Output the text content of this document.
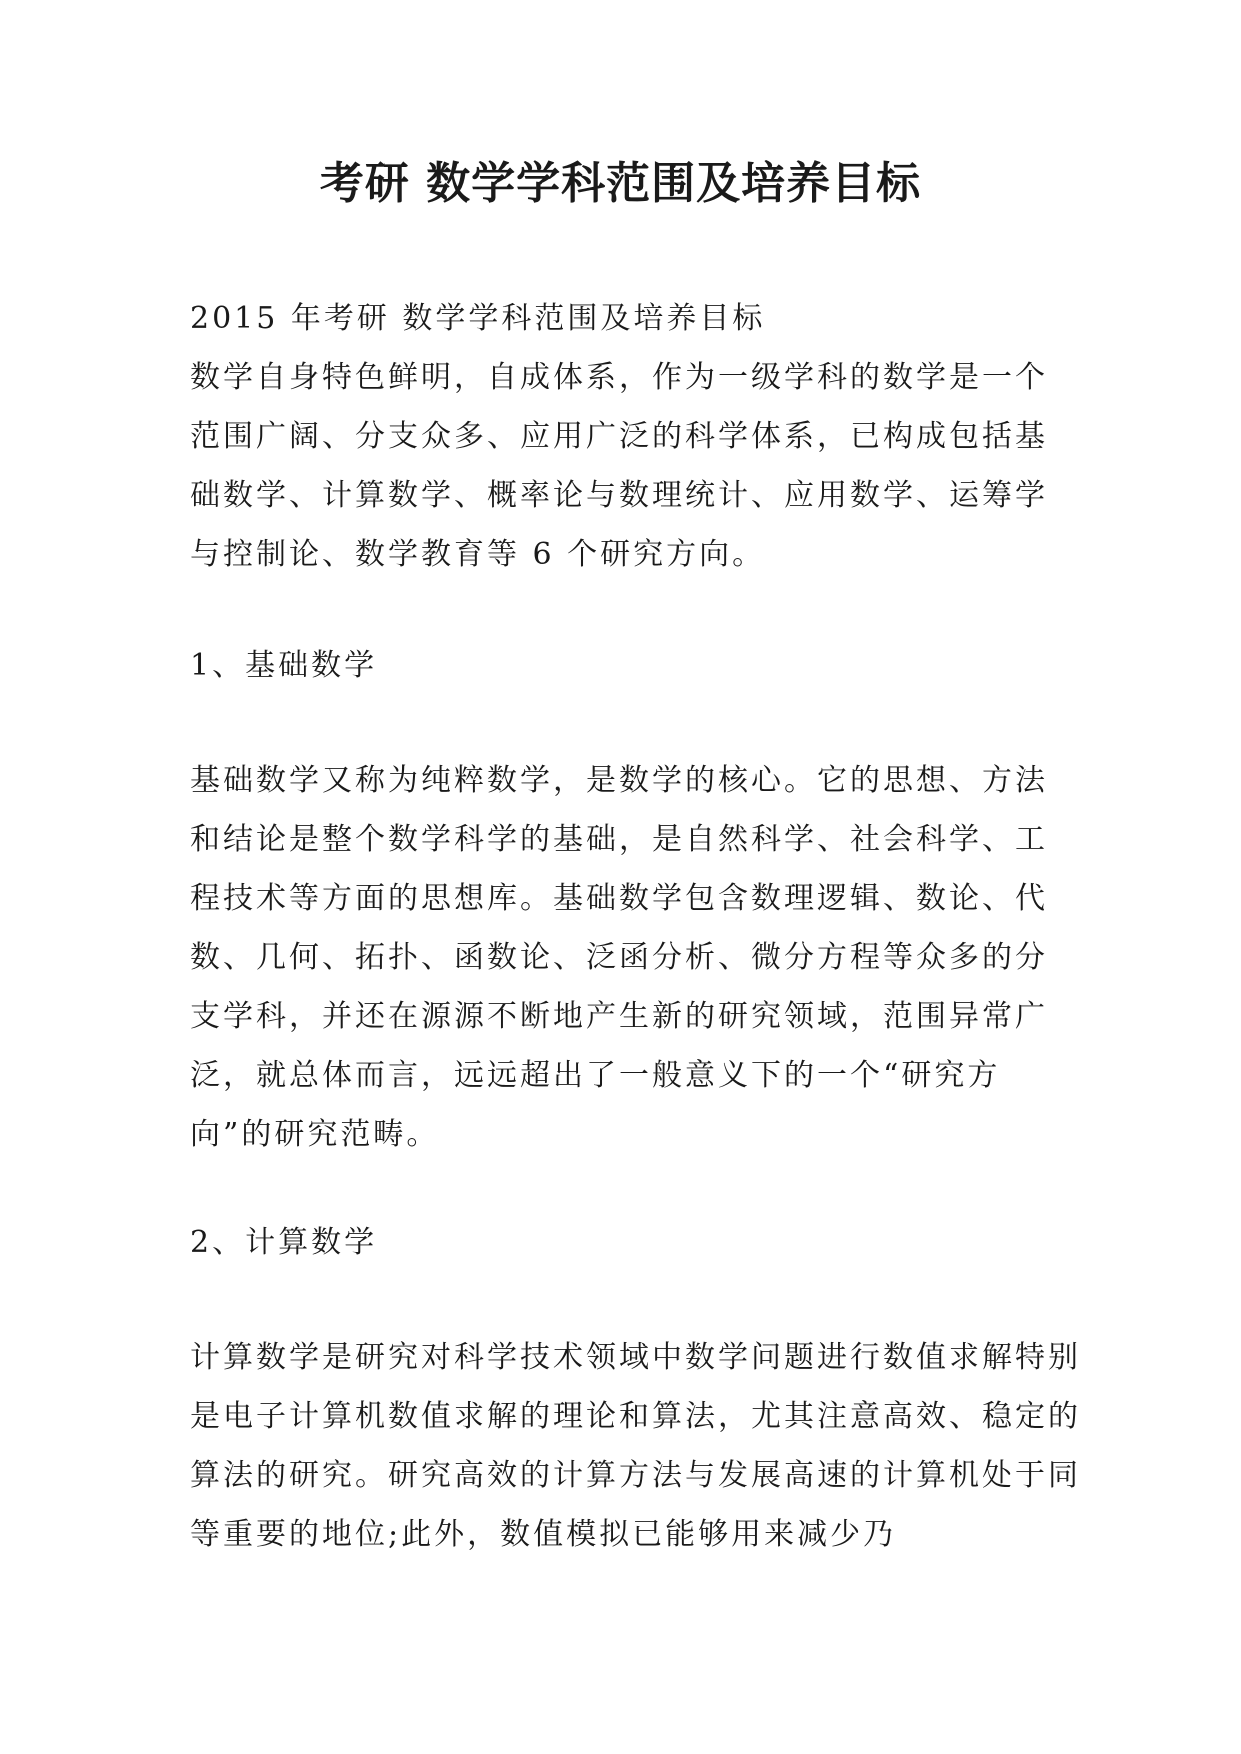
考研 数学学科范围及培养目标

2015 年考研 数学学科范围及培养目标

数学自身特色鲜明，自成体系，作为一级学科的数学是一个范围广阔、分支众多、应用广泛的科学体系，已构成包括基础数学、计算数学、概率论与数理统计、应用数学、运筹学与控制论、数学教育等 6 个研究方向。

1、基础数学

基础数学又称为纯粹数学，是数学的核心。它的思想、方法和结论是整个数学科学的基础，是自然科学、社会科学、工程技术等方面的思想库。基础数学包含数理逻辑、数论、代数、几何、拓扑、函数论、泛函分析、微分方程等众多的分支学科，并还在源源不断地产生新的研究领域，范围异常广泛，就总体而言，远远超出了一般意义下的一个“研究方向”的研究范畴。

2、计算数学

计算数学是研究对科学技术领域中数学问题进行数值求解特别是电子计算机数值求解的理论和算法，尤其注意高效、稳定的算法的研究。研究高效的计算方法与发展高速的计算机处于同等重要的地位;此外，数值模拟已能够用来减少乃
